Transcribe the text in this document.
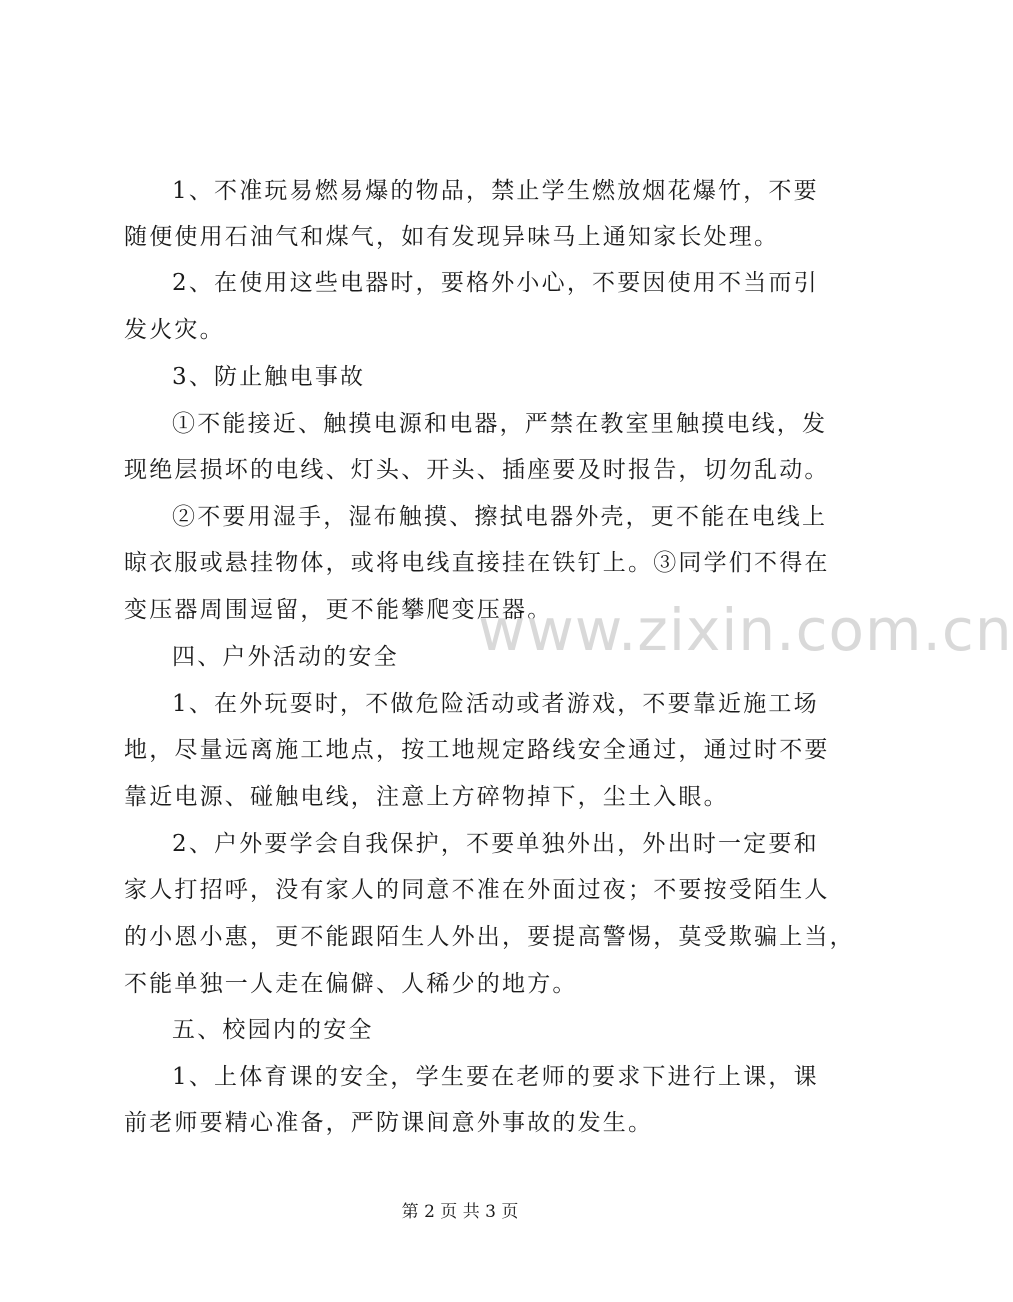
1、不准玩易燃易爆的物品，禁止学生燃放烟花爆竹，不要
随便使用石油气和煤气，如有发现异味马上通知家长处理。
2、在使用这些电器时，要格外小心，不要因使用不当而引
发火灾。
3、防止触电事故
①不能接近、触摸电源和电器，严禁在教室里触摸电线，发
现绝层损坏的电线、灯头、开头、插座要及时报告，切勿乱动。
②不要用湿手，湿布触摸、擦拭电器外壳，更不能在电线上
晾衣服或悬挂物体，或将电线直接挂在铁钉上。③同学们不得在
变压器周围逗留，更不能攀爬变压器。
四、户外活动的安全
1、在外玩耍时，不做危险活动或者游戏，不要靠近施工场
地，尽量远离施工地点，按工地规定路线安全通过，通过时不要
靠近电源、碰触电线，注意上方碎物掉下，尘土入眼。
2、户外要学会自我保护，不要单独外出，外出时一定要和
家人打招呼，没有家人的同意不准在外面过夜；不要按受陌生人
的小恩小惠，更不能跟陌生人外出，要提高警惕，莫受欺骗上当，
不能单独一人走在偏僻、人稀少的地方。
五、校园内的安全
1、上体育课的安全，学生要在老师的要求下进行上课，课
前老师要精心准备，严防课间意外事故的发生。
www.zixin.com.cn
第 2 页 共 3 页
